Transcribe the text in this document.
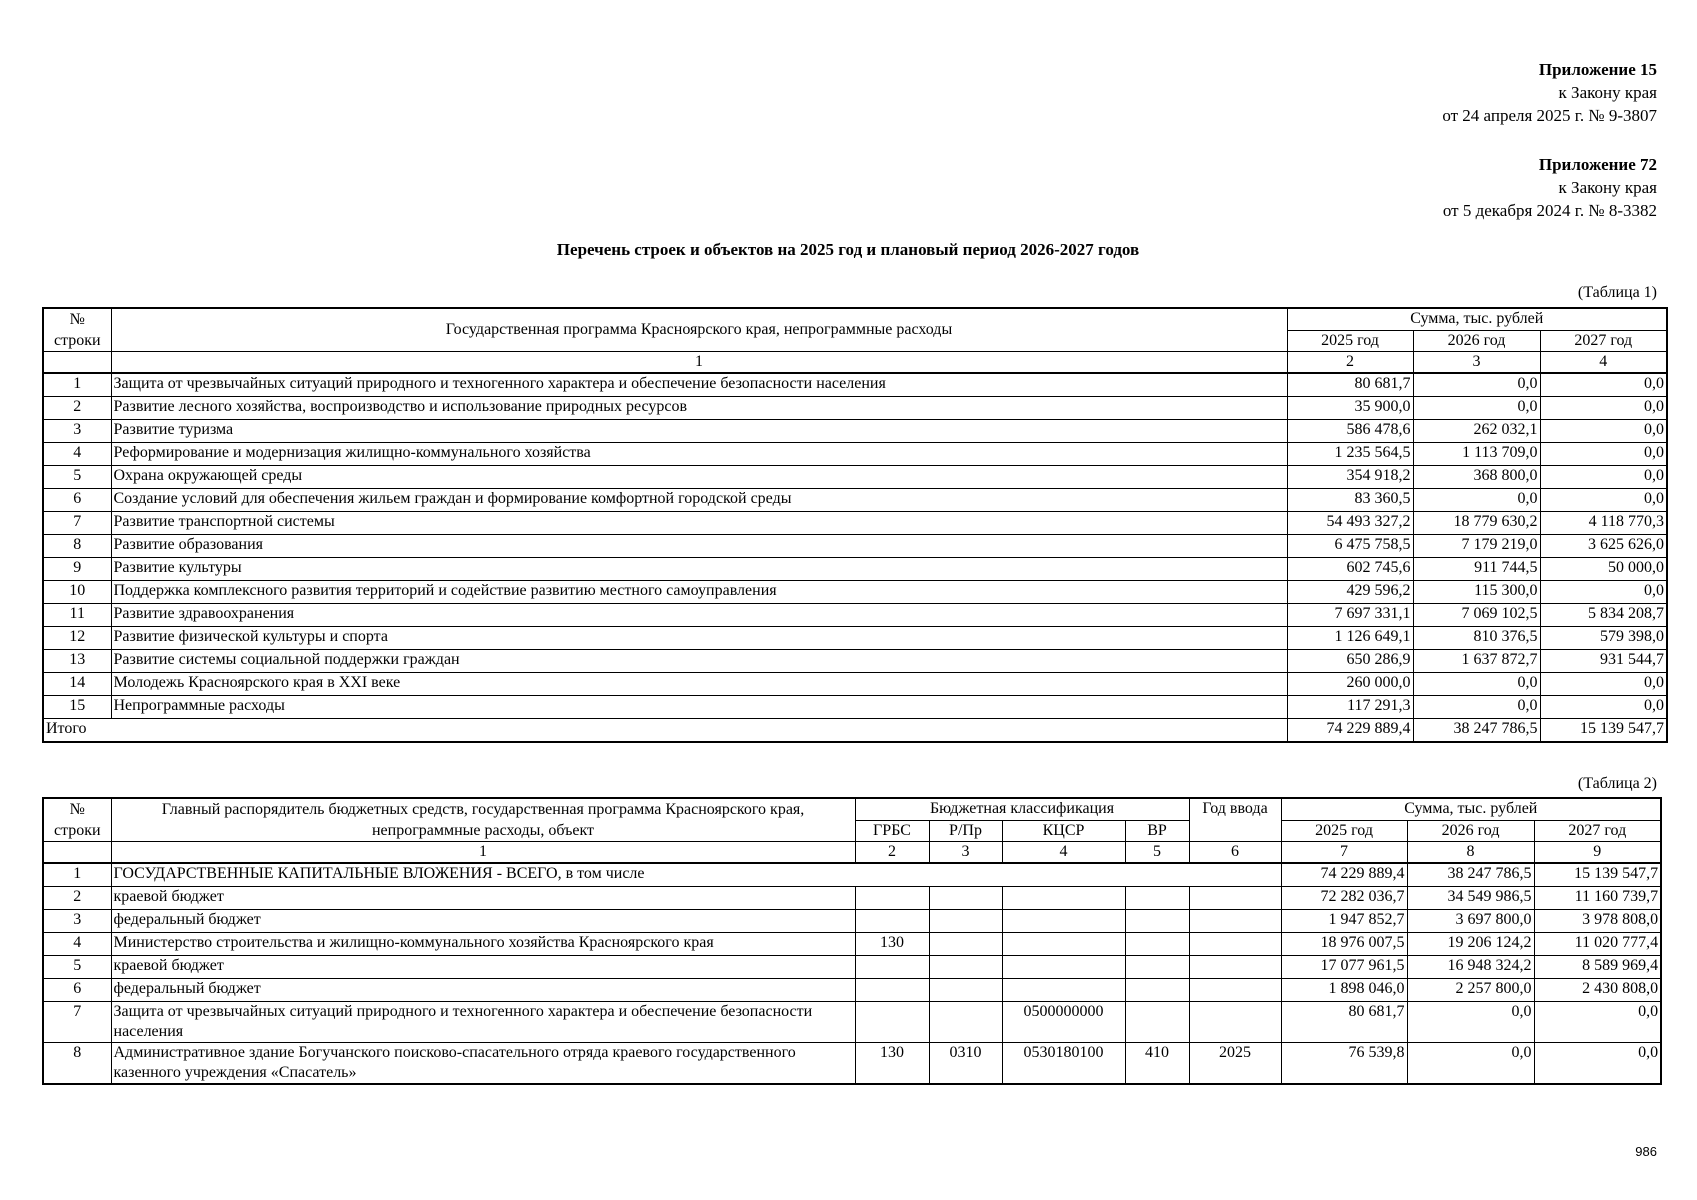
Приложение 15
к Закону края
от 24 апреля 2025 г. № 9-3807
Приложение 72
к Закону края
от 5 декабря 2024 г. № 8-3382
Перечень строек и объектов на 2025 год и плановый период 2026-2027 годов
(Таблица 1)
№ строки	Государственная программа Красноярского края, непрограммные расходы	Сумма, тыс. рублей		
		2025 год	2026 год	2027 год
	1	2	3	4
1	Защита от чрезвычайных ситуаций природного и техногенного характера и обеспечение безопасности населения	80 681,7	0,0	0,0
2	Развитие лесного хозяйства, воспроизводство и использование природных ресурсов	35 900,0	0,0	0,0
3	Развитие туризма	586 478,6	262 032,1	0,0
4	Реформирование и модернизация жилищно-коммунального хозяйства	1 235 564,5	1 113 709,0	0,0
5	Охрана окружающей среды	354 918,2	368 800,0	0,0
6	Создание условий для обеспечения жильем граждан и формирование комфортной городской среды	83 360,5	0,0	0,0
7	Развитие транспортной системы	54 493 327,2	18 779 630,2	4 118 770,3
8	Развитие образования	6 475 758,5	7 179 219,0	3 625 626,0
9	Развитие культуры	602 745,6	911 744,5	50 000,0
10	Поддержка комплексного развития территорий и содействие развитию местного самоуправления	429 596,2	115 300,0	0,0
11	Развитие здравоохранения	7 697 331,1	7 069 102,5	5 834 208,7
12	Развитие физической культуры и спорта	1 126 649,1	810 376,5	579 398,0
13	Развитие системы социальной поддержки граждан	650 286,9	1 637 872,7	931 544,7
14	Молодежь Красноярского края в XXI веке	260 000,0	0,0	0,0
15	Непрограммные расходы	117 291,3	0,0	0,0
Итого		74 229 889,4	38 247 786,5	15 139 547,7
(Таблица 2)
№ строки	Главный распорядитель бюджетных средств, государственная программа Красноярского края, непрограммные расходы, объект	Бюджетная классификация				Год ввода	Сумма, тыс. рублей		
		ГРБС	Р/Пр	КЦСР	ВР		2025 год	2026 год	2027 год
	1	2	3	4	5	6	7	8	9
1	ГОСУДАРСТВЕННЫЕ КАПИТАЛЬНЫЕ ВЛОЖЕНИЯ - ВСЕГО, в том числе						74 229 889,4	38 247 786,5	15 139 547,7
2	краевой бюджет						72 282 036,7	34 549 986,5	11 160 739,7
3	федеральный бюджет						1 947 852,7	3 697 800,0	3 978 808,0
4	Министерство строительства и жилищно-коммунального хозяйства Красноярского края	130					18 976 007,5	19 206 124,2	11 020 777,4
5	краевой бюджет						17 077 961,5	16 948 324,2	8 589 969,4
6	федеральный бюджет						1 898 046,0	2 257 800,0	2 430 808,0
7	Защита от чрезвычайных ситуаций природного и техногенного характера и обеспечение безопасности населения			0500000000			80 681,7	0,0	0,0
8	Административное здание Богучанского поисково-спасательного отряда краевого государственного казенного учреждения «Спасатель»	130	0310	0530180100	410	2025	76 539,8	0,0	0,0
986
